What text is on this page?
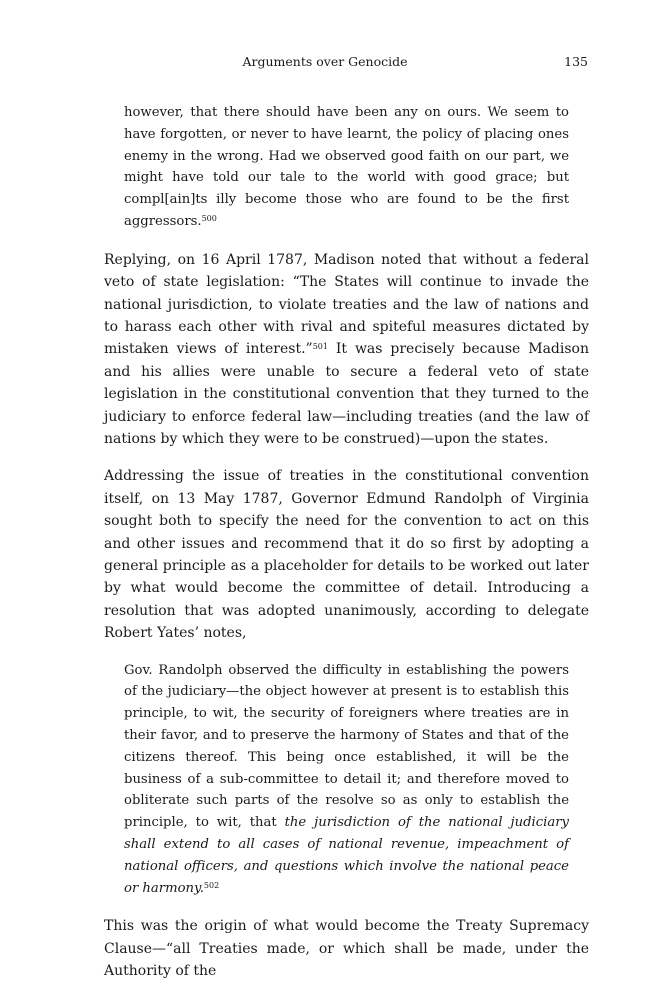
Arguments over Genocide	135
however, that there should have been any on ours. We seem to have forgotten, or never to have learnt, the policy of placing ones enemy in the wrong. Had we observed good faith on our part, we might have told our tale to the world with good grace; but compl[ain]ts illy become those who are found to be the first aggressors.$^{500}$

Replying, on 16 April 1787, Madison noted that without a federal veto of state legislation: “The States will continue to invade the national jurisdiction, to violate treaties and the law of nations and to harass each other with rival and spiteful measures dictated by mistaken views of interest.”$^{501}$ It was precisely because Madison and his allies were unable to secure a federal veto of state legislation in the constitutional convention that they turned to the judiciary to enforce federal law—including treaties (and the law of nations by which they were to be construed)—upon the states.

Addressing the issue of treaties in the constitutional convention itself, on 13 May 1787, Governor Edmund Randolph of Virginia sought both to specify the need for the convention to act on this and other issues and recommend that it do so first by adopting a general principle as a placeholder for details to be worked out later by what would become the committee of detail. Introducing a resolution that was adopted unanimously, according to delegate Robert Yates’ notes,

Gov. Randolph observed the difficulty in establishing the powers of the judiciary—the object however at present is to establish this principle, to wit, the security of foreigners where treaties are in their favor, and to preserve the harmony of States and that of the citizens thereof. This being once established, it will be the business of a sub-committee to detail it; and therefore moved to obliterate such parts of the resolve so as only to establish the principle, to wit, that the jurisdiction of the national judiciary shall extend to all cases of national revenue, impeachment of national officers, and questions which involve the national peace or harmony.$^{502}$

This was the origin of what would become the Treaty Supremacy Clause—“all Treaties made, or which shall be made, under the Authority of the
